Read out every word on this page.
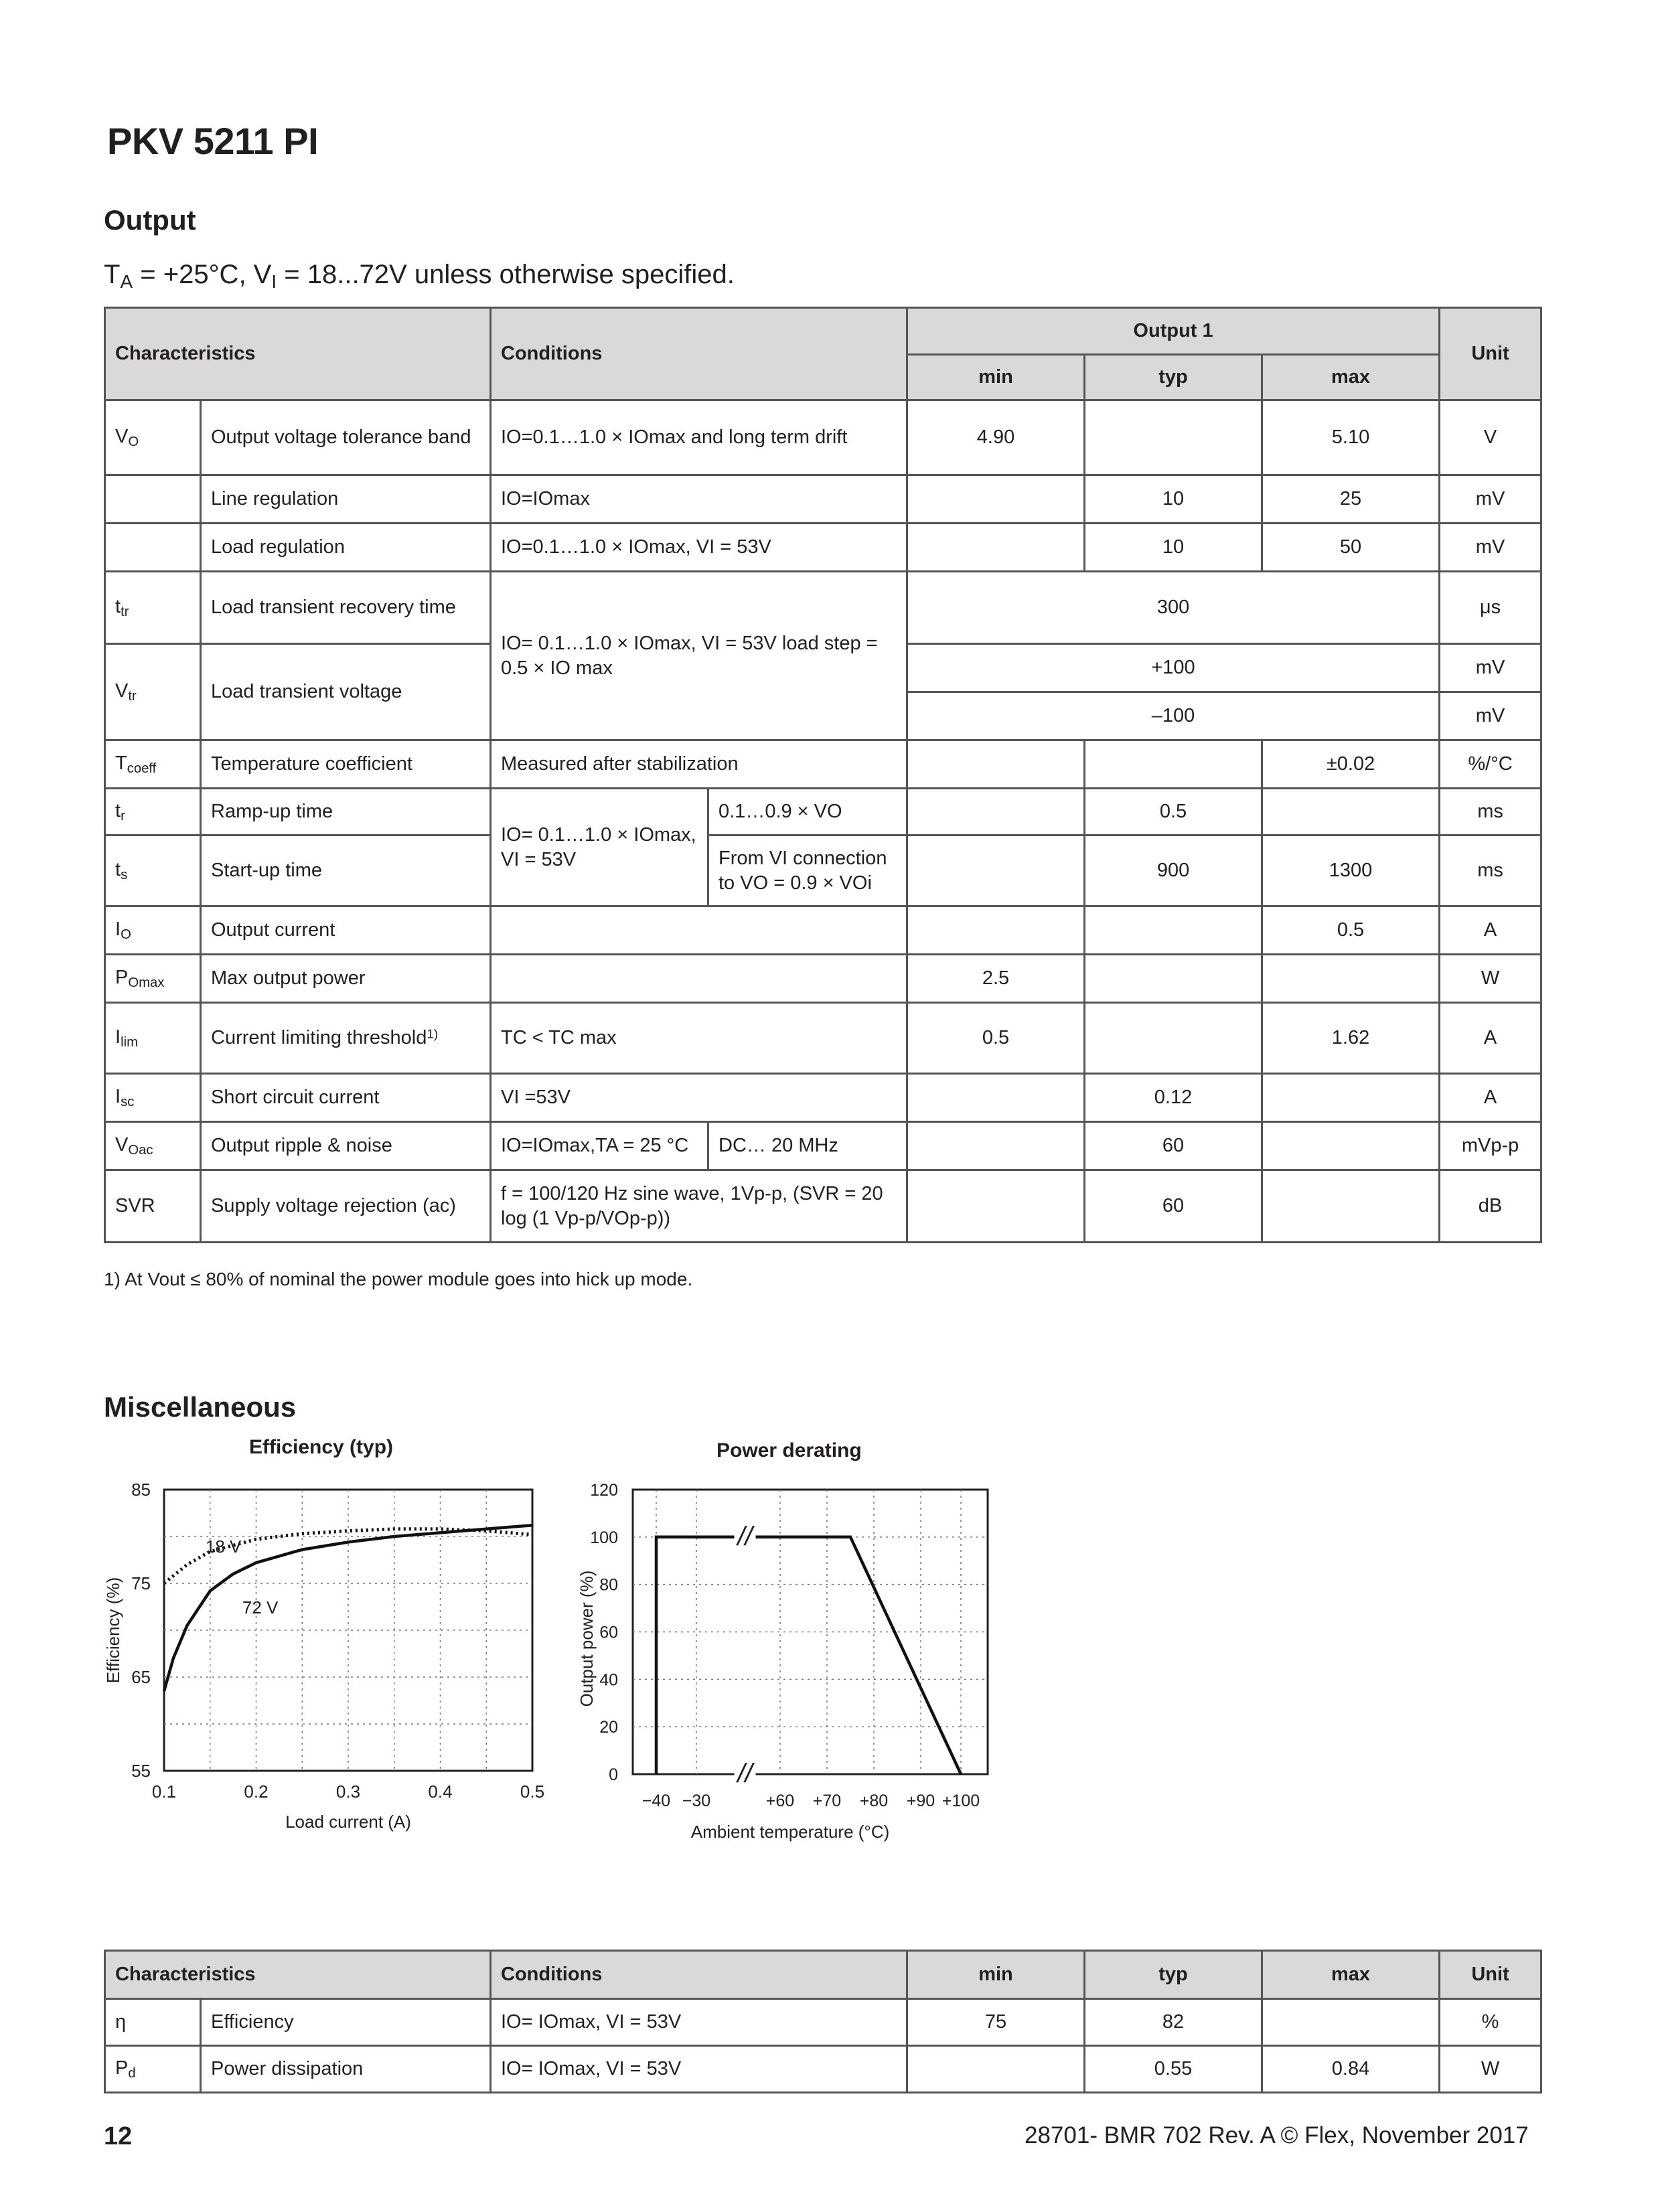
PKV 5211 PI
Output
$T_A = +25^\circ C$, $V_I = 18...72V$ unless otherwise specified.
Characteristics		Conditions		Output 1			Unit
				min	typ	max	
$V_O$	Output voltage tolerance band	IO=0.1…1.0 × IOmax and long term drift		4.90		5.10	V
	Line regulation	IO=IOmax			10	25	mV
	Load regulation	IO=0.1…1.0 × IOmax, VI = 53V			10	50	mV
$t_{tr}$	Load transient recovery time	IO= 0.1…1.0 × IOmax, VI = 53V load step = 0.5 × IO max		300			μs
$V_{tr}$	Load transient voltage			+100			mV
				–100			mV
$T_{coeff}$	Temperature coefficient	Measured after stabilization				±0.02	%/°C
$t_r$	Ramp-up time	IO= 0.1…1.0 × IOmax, VI = 53V	0.1…0.9 × VO		0.5		ms
$t_s$	Start-up time		From VI connection to VO = 0.9 × VOi		900	1300	ms
$I_O$	Output current					0.5	A
$P_{Omax}$	Max output power			2.5			W
$I_{lim}$	Current limiting threshold$^{1)}$	TC < TC max		0.5		1.62	A
$I_{sc}$	Short circuit current	VI =53V			0.12		A
$V_{Oac}$	Output ripple & noise	IO=IOmax,TA = 25 °C	DC… 20 MHz		60		mVp-p
SVR	Supply voltage rejection (ac)	f = 100/120 Hz sine wave, 1Vp-p, (SVR = 20 log (1 Vp-p/VOp-p))			60		dB
1) At Vout ≤ 80% of nominal the power module goes into hick up mode.
Miscellaneous
Efficiency (typ)
0.1	0.2	0.3	0.4	0.5
55
65
75
85
18 V
72 V
Load current (A)
Efficiency (%)
Power derating
//
//
−40 −30	+60 +70 +80 +90 +100
0
20
40
60
80
100
120
Ambient temperature (°C)
Output power (%)
Characteristics		Conditions	min	typ	max	Unit
η	Efficiency	IO= IOmax, VI = 53V	75	82		%
$P_d$	Power dissipation	IO= IOmax, VI = 53V		0.55	0.84	W
12	28701- BMR 702 Rev. A © Flex, November 2017
